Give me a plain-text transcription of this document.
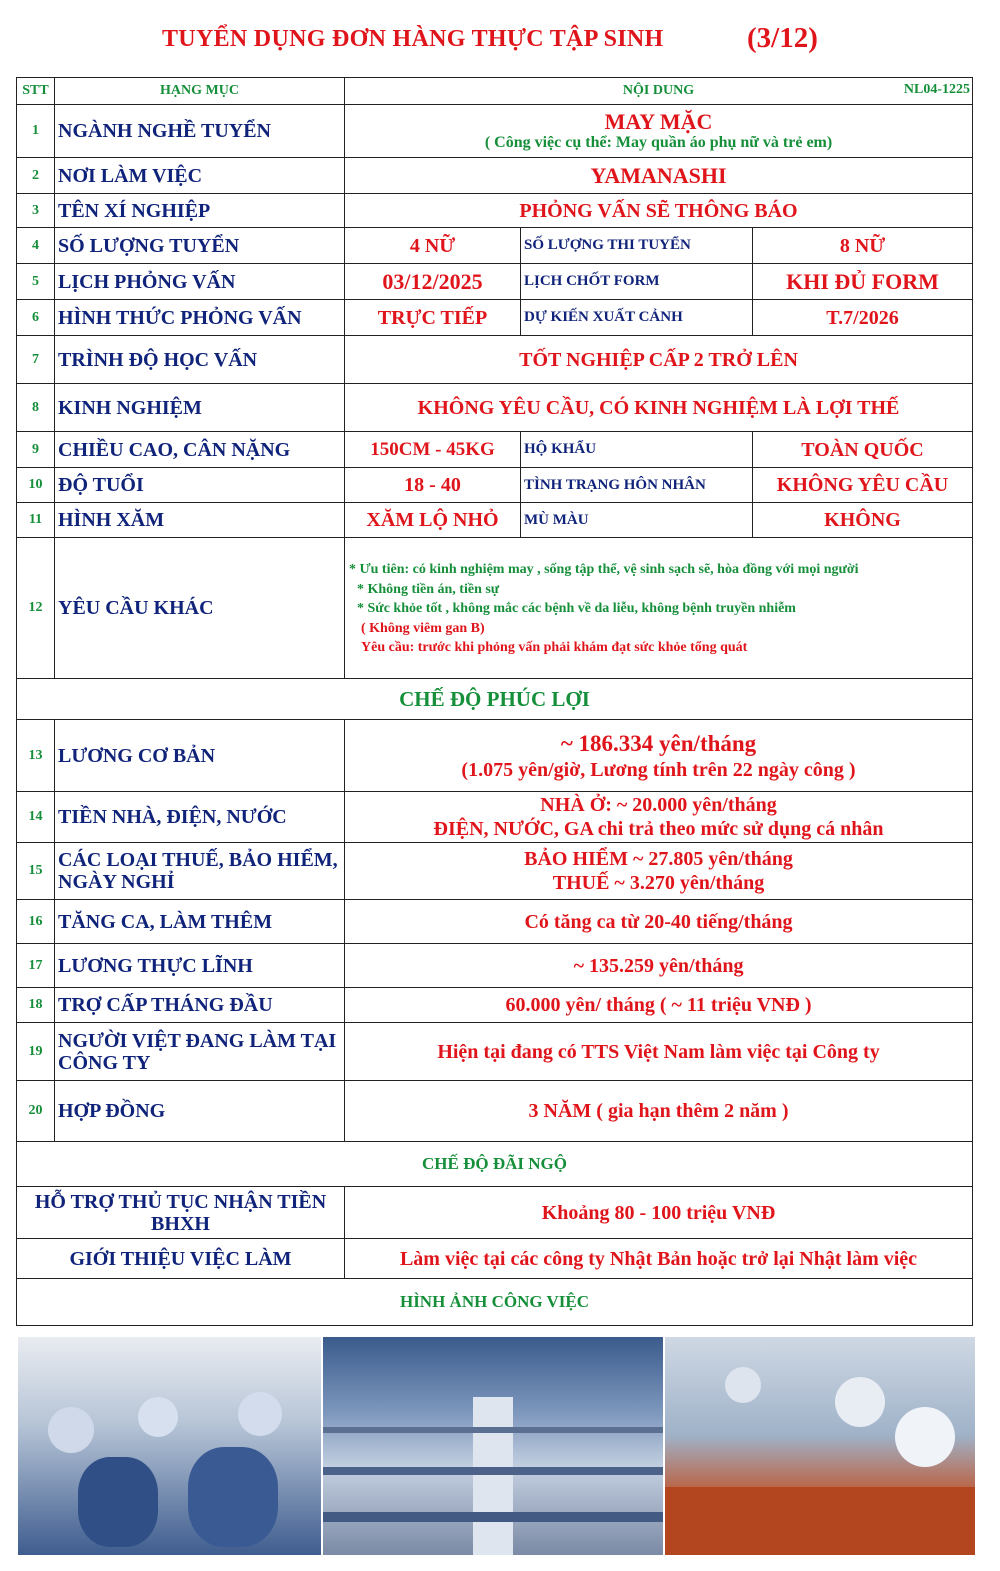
TUYỂN DỤNG ĐƠN HÀNG THỰC TẬP SINH	(3/12)
STT	HẠNG MỤC	NỘI DUNG NL04-1225		

1	NGÀNH NGHỀ TUYỂN	MAY MẶC
( Công việc cụ thể: May quần áo phụ nữ và trẻ em)		

2	NƠI LÀM VIỆC	YAMANASHI		
3	TÊN XÍ NGHIỆP	PHỎNG VẤN SẼ THÔNG BÁO		
4	SỐ LƯỢNG TUYỂN	4 NỮ	SỐ LƯỢNG THI TUYỂN	8 NỮ
5	LỊCH PHỎNG VẤN	03/12/2025	LỊCH CHỐT FORM	KHI ĐỦ FORM
6	HÌNH THỨC PHỎNG VẤN	TRỰC TIẾP	DỰ KIẾN XUẤT CẢNH	T.7/2026
7	TRÌNH ĐỘ HỌC VẤN	TỐT NGHIỆP CẤP 2 TRỞ LÊN		
8	KINH NGHIỆM	KHÔNG YÊU CẦU, CÓ KINH NGHIỆM LÀ LỢI THẾ		
9	CHIỀU CAO, CÂN NẶNG	150CM - 45KG	HỘ KHẨU	TOÀN QUỐC
10	ĐỘ TUỔI	18 - 40	TÌNH TRẠNG HÔN NHÂN	KHÔNG YÊU CẦU
11	HÌNH XĂM	XĂM LỘ NHỎ	MÙ MÀU	KHÔNG
12	YÊU CẦU KHÁC	* Ưu tiên: có kinh nghiệm may , sống tập thể, vệ sinh sạch sẽ, hòa đồng với mọi người
* Không tiền án, tiền sự
* Sức khỏe tốt , không mắc các bệnh về da liễu, không bệnh truyền nhiễm
( Không viêm gan B)
Yêu cầu: trước khi phỏng vấn phải khám đạt sức khỏe tổng quát		

CHẾ ĐỘ PHÚC LỢI				
13	LƯƠNG CƠ BẢN	~ 186.334 yên/tháng
(1.075 yên/giờ, Lương tính trên 22 ngày công )		

14	TIỀN NHÀ, ĐIỆN, NƯỚC	NHÀ Ở: ~ 20.000 yên/tháng
ĐIỆN, NƯỚC, GA chi trả theo mức sử dụng cá nhân		

15	CÁC LOẠI THUẾ, BẢO HIỂM, NGÀY NGHỈ	BẢO HIỂM ~ 27.805 yên/tháng
THUẾ ~ 3.270 yên/tháng		

16	TĂNG CA, LÀM THÊM	Có tăng ca từ 20-40 tiếng/tháng		
17	LƯƠNG THỰC LĨNH	~ 135.259 yên/tháng		
18	TRỢ CẤP THÁNG ĐẦU	60.000 yên/ tháng ( ~ 11 triệu VNĐ )		
19	NGƯỜI VIỆT ĐANG LÀM TẠI CÔNG TY	Hiện tại đang có TTS Việt Nam làm việc tại Công ty		
20	HỢP ĐỒNG	3 NĂM ( gia hạn thêm 2 năm )		
CHẾ ĐỘ ĐÃI NGỘ				
HỖ TRỢ THỦ TỤC NHẬN TIỀN BHXH		Khoảng 80 - 100 triệu VNĐ		
GIỚI THIỆU VIỆC LÀM		Làm việc tại các công ty Nhật Bản hoặc trở lại Nhật làm việc		
HÌNH ẢNH CÔNG VIỆC				
